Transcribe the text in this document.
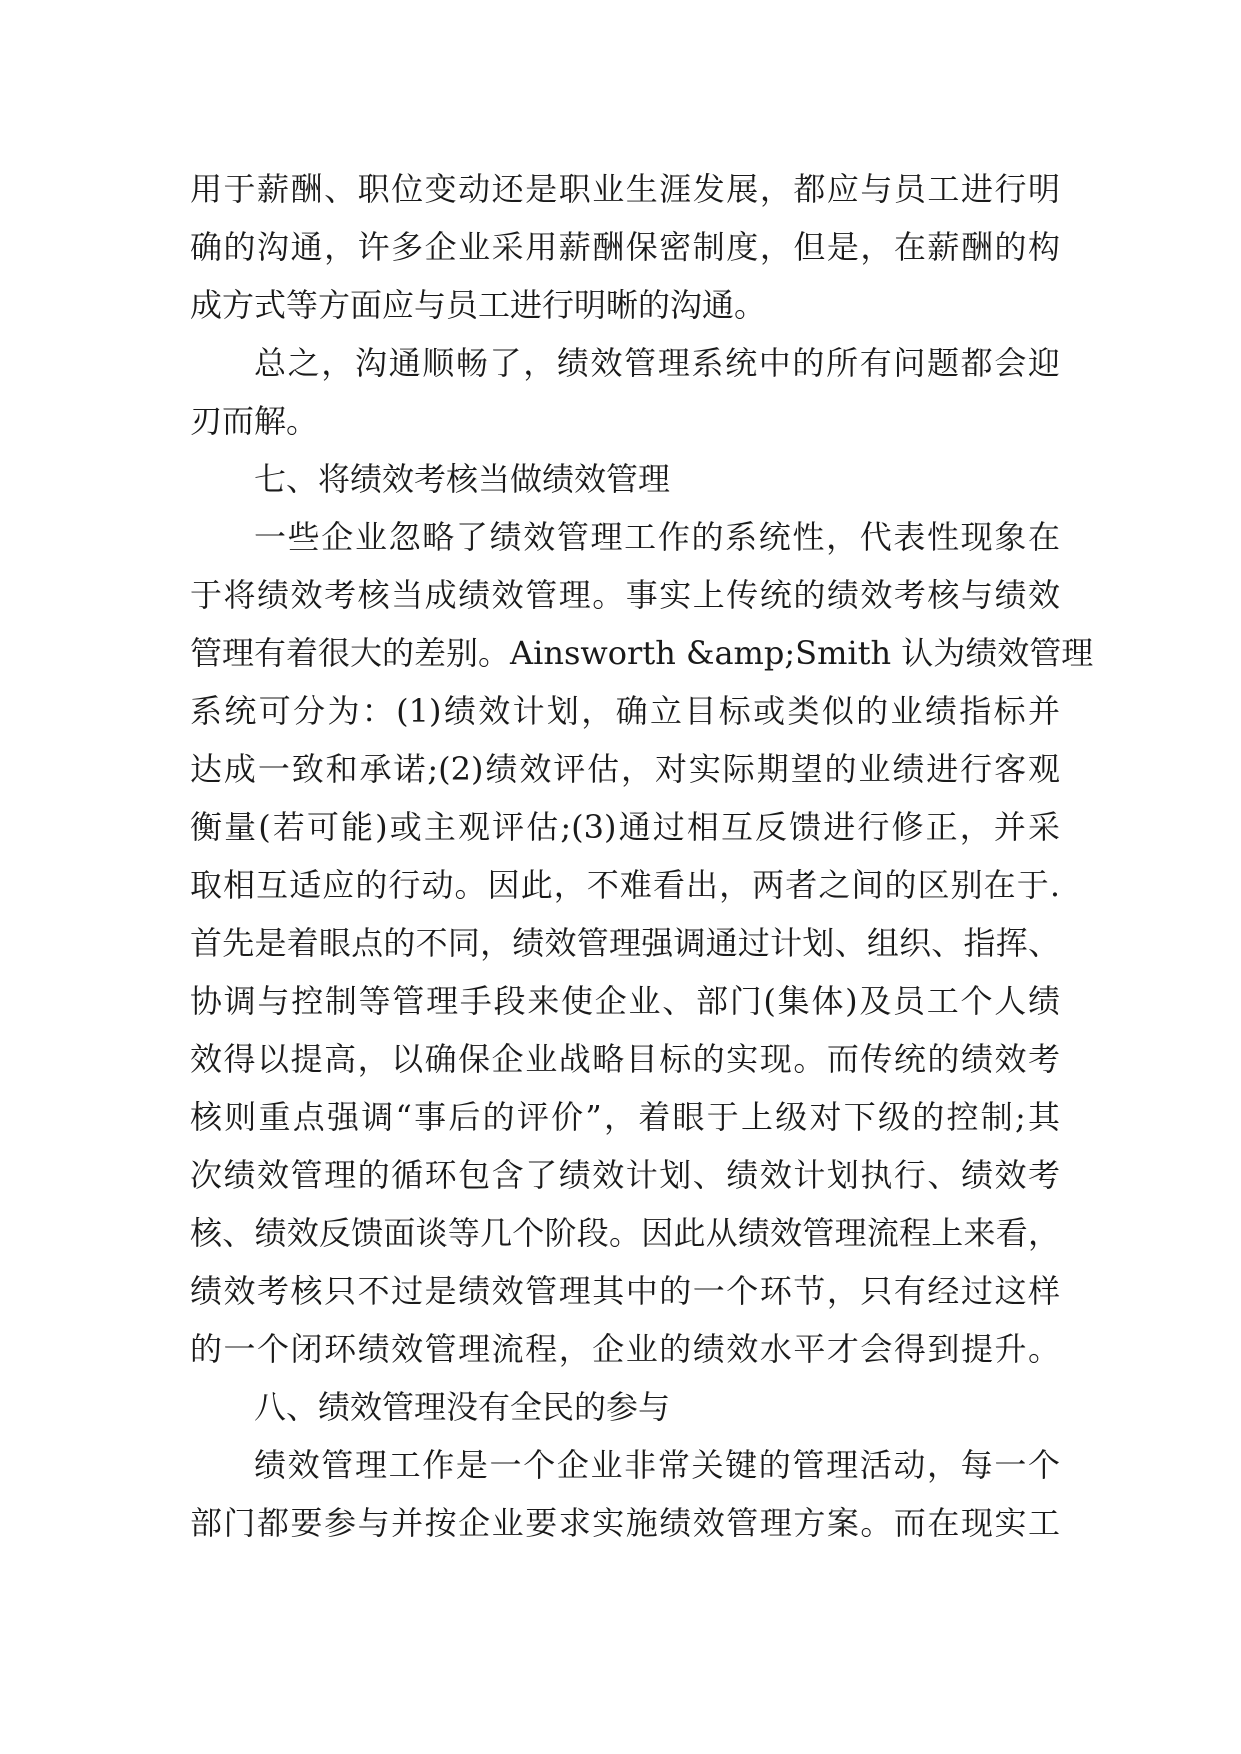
用于薪酬、职位变动还是职业生涯发展，都应与员工进行明
确的沟通，许多企业采用薪酬保密制度，但是，在薪酬的构
成方式等方面应与员工进行明晰的沟通。
总之，沟通顺畅了，绩效管理系统中的所有问题都会迎
刃而解。
七、将绩效考核当做绩效管理
一些企业忽略了绩效管理工作的系统性，代表性现象在
于将绩效考核当成绩效管理。事实上传统的绩效考核与绩效
管理有着很大的差别。Ainsworth &amp;Smith 认为绩效管理
系统可分为：(1)绩效计划，确立目标或类似的业绩指标并
达成一致和承诺;(2)绩效评估，对实际期望的业绩进行客观
衡量(若可能)或主观评估;(3)通过相互反馈进行修正，并采
取相互适应的行动。因此，不难看出，两者之间的区别在于.
首先是着眼点的不同，绩效管理强调通过计划、组织、指挥、
协调与控制等管理手段来使企业、部门(集体)及员工个人绩
效得以提高，以确保企业战略目标的实现。而传统的绩效考
核则重点强调“事后的评价”，着眼于上级对下级的控制;其
次绩效管理的循环包含了绩效计划、绩效计划执行、绩效考
核、绩效反馈面谈等几个阶段。因此从绩效管理流程上来看，
绩效考核只不过是绩效管理其中的一个环节，只有经过这样
的一个闭环绩效管理流程，企业的绩效水平才会得到提升。
八、绩效管理没有全民的参与
绩效管理工作是一个企业非常关键的管理活动，每一个
部门都要参与并按企业要求实施绩效管理方案。而在现实工
